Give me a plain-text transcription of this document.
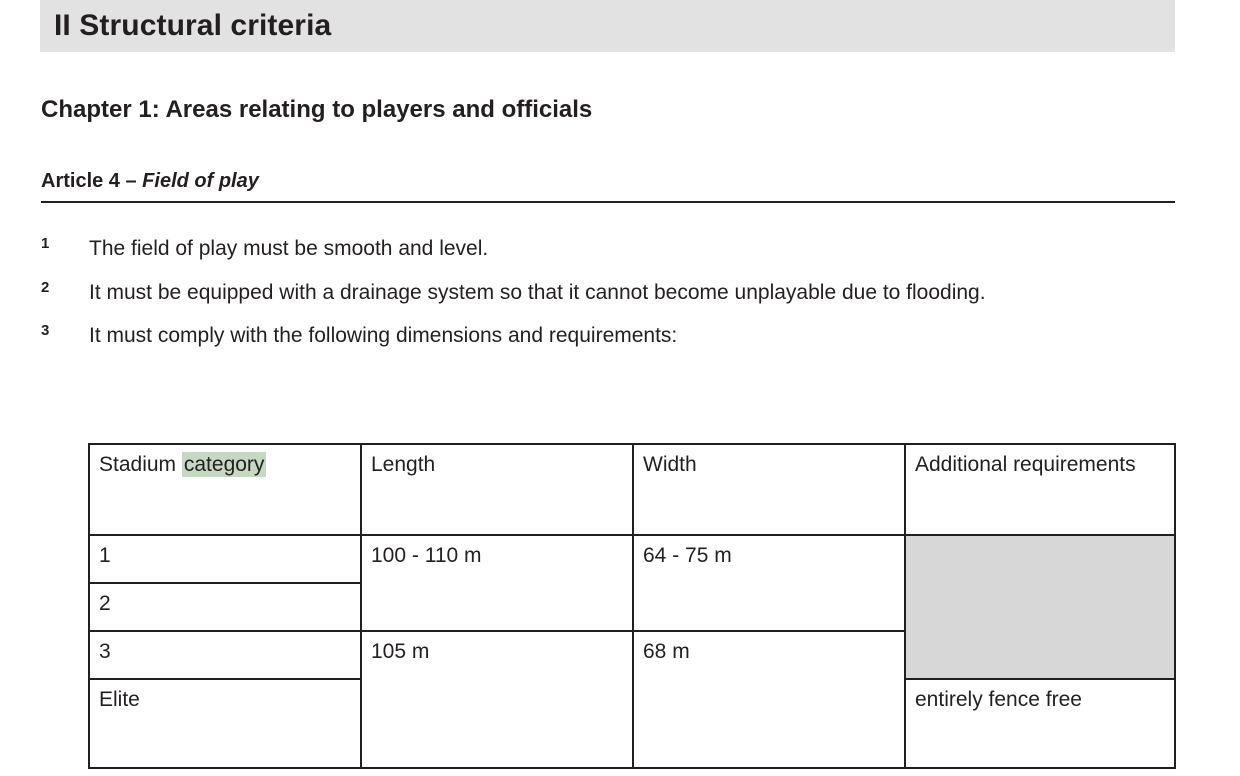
II Structural criteria
Chapter 1: Areas relating to players and officials
Article 4 – Field of play
1	The field of play must be smooth and level.
2	It must be equipped with a drainage system so that it cannot become unplayable due to flooding.
3	It must comply with the following dimensions and requirements:
Stadium category	Length	Width	Additional requirements
1	100 - 110 m	64 - 75 m	
2			
3	105 m	68 m	
Elite			entirely fence free
